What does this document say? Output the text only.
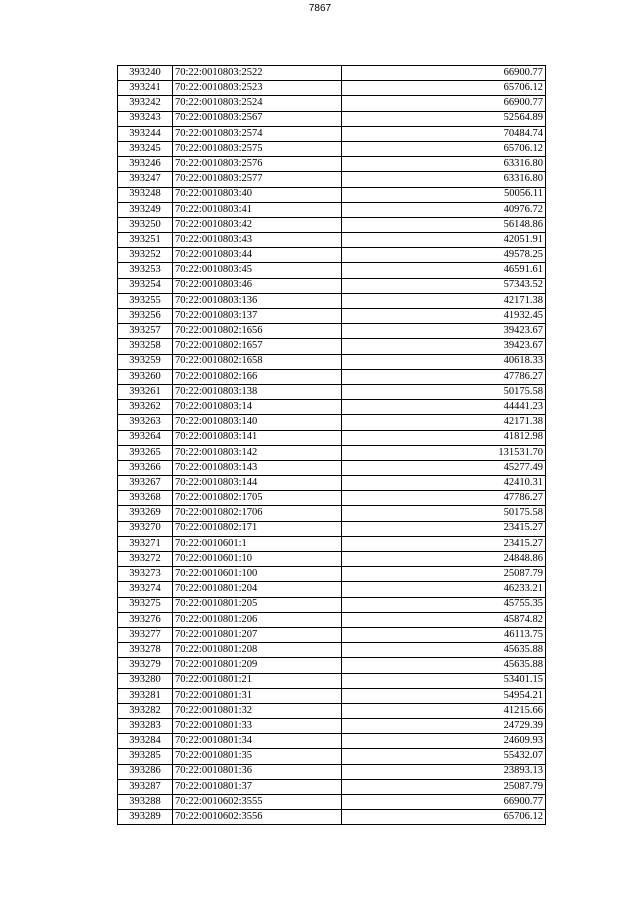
7867
393240	70:22:0010803:2522	66900.77
393241	70:22:0010803:2523	65706.12
393242	70:22:0010803:2524	66900.77
393243	70:22:0010803:2567	52564.89
393244	70:22:0010803:2574	70484.74
393245	70:22:0010803:2575	65706.12
393246	70:22:0010803:2576	63316.80
393247	70:22:0010803:2577	63316.80
393248	70:22:0010803:40	50056.11
393249	70:22:0010803:41	40976.72
393250	70:22:0010803:42	56148.86
393251	70:22:0010803:43	42051.91
393252	70:22:0010803:44	49578.25
393253	70:22:0010803:45	46591.61
393254	70:22:0010803:46	57343.52
393255	70:22:0010803:136	42171.38
393256	70:22:0010803:137	41932.45
393257	70:22:0010802:1656	39423.67
393258	70:22:0010802:1657	39423.67
393259	70:22:0010802:1658	40618.33
393260	70:22:0010802:166	47786.27
393261	70:22:0010803:138	50175.58
393262	70:22:0010803:14	44441.23
393263	70:22:0010803:140	42171.38
393264	70:22:0010803:141	41812.98
393265	70:22:0010803:142	131531.70
393266	70:22:0010803:143	45277.49
393267	70:22:0010803:144	42410.31
393268	70:22:0010802:1705	47786.27
393269	70:22:0010802:1706	50175.58
393270	70:22:0010802:171	23415.27
393271	70:22:0010601:1	23415.27
393272	70:22:0010601:10	24848.86
393273	70:22:0010601:100	25087.79
393274	70:22:0010801:204	46233.21
393275	70:22:0010801:205	45755.35
393276	70:22:0010801:206	45874.82
393277	70:22:0010801:207	46113.75
393278	70:22:0010801:208	45635.88
393279	70:22:0010801:209	45635.88
393280	70:22:0010801:21	53401.15
393281	70:22:0010801:31	54954.21
393282	70:22:0010801:32	41215.66
393283	70:22:0010801:33	24729.39
393284	70:22:0010801:34	24609.93
393285	70:22:0010801:35	55432.07
393286	70:22:0010801:36	23893.13
393287	70:22:0010801:37	25087.79
393288	70:22:0010602:3555	66900.77
393289	70:22:0010602:3556	65706.12
